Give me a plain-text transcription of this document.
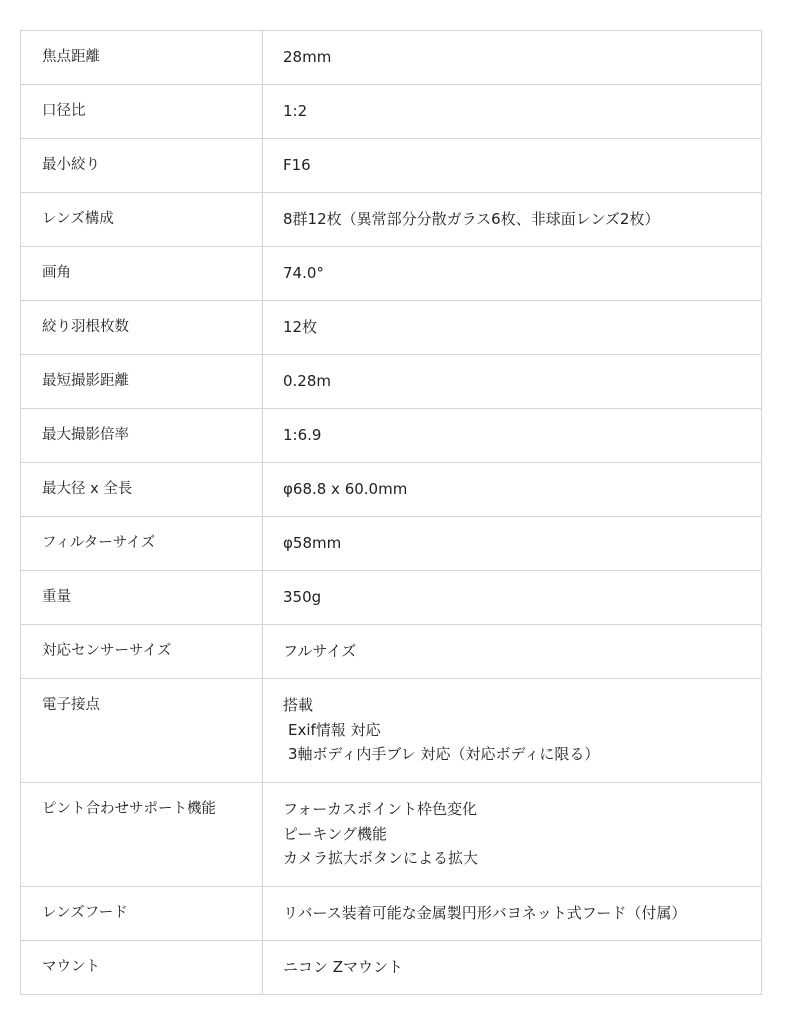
焦点距離	28mm

口径比	1:2

最小絞り	F16

レンズ構成	8群12枚（異常部分分散ガラス6枚、非球面レンズ2枚）

画角	74.0°

絞り羽根枚数	12枚

最短撮影距離	0.28m

最大撮影倍率	1:6.9

最大径 x 全長	φ68.8 x 60.0mm

フィルターサイズ	φ58mm

重量	350g

対応センサーサイズ	フルサイズ

電子接点	搭載
Exif情報 対応
3軸ボディ内手ブレ 対応（対応ボディに限る）

ピント合わせサポート機能	フォーカスポイント枠色変化
ピーキング機能
カメラ拡大ボタンによる拡大

レンズフード	リバース装着可能な金属製円形バヨネット式フード（付属）

マウント	ニコン Zマウント
